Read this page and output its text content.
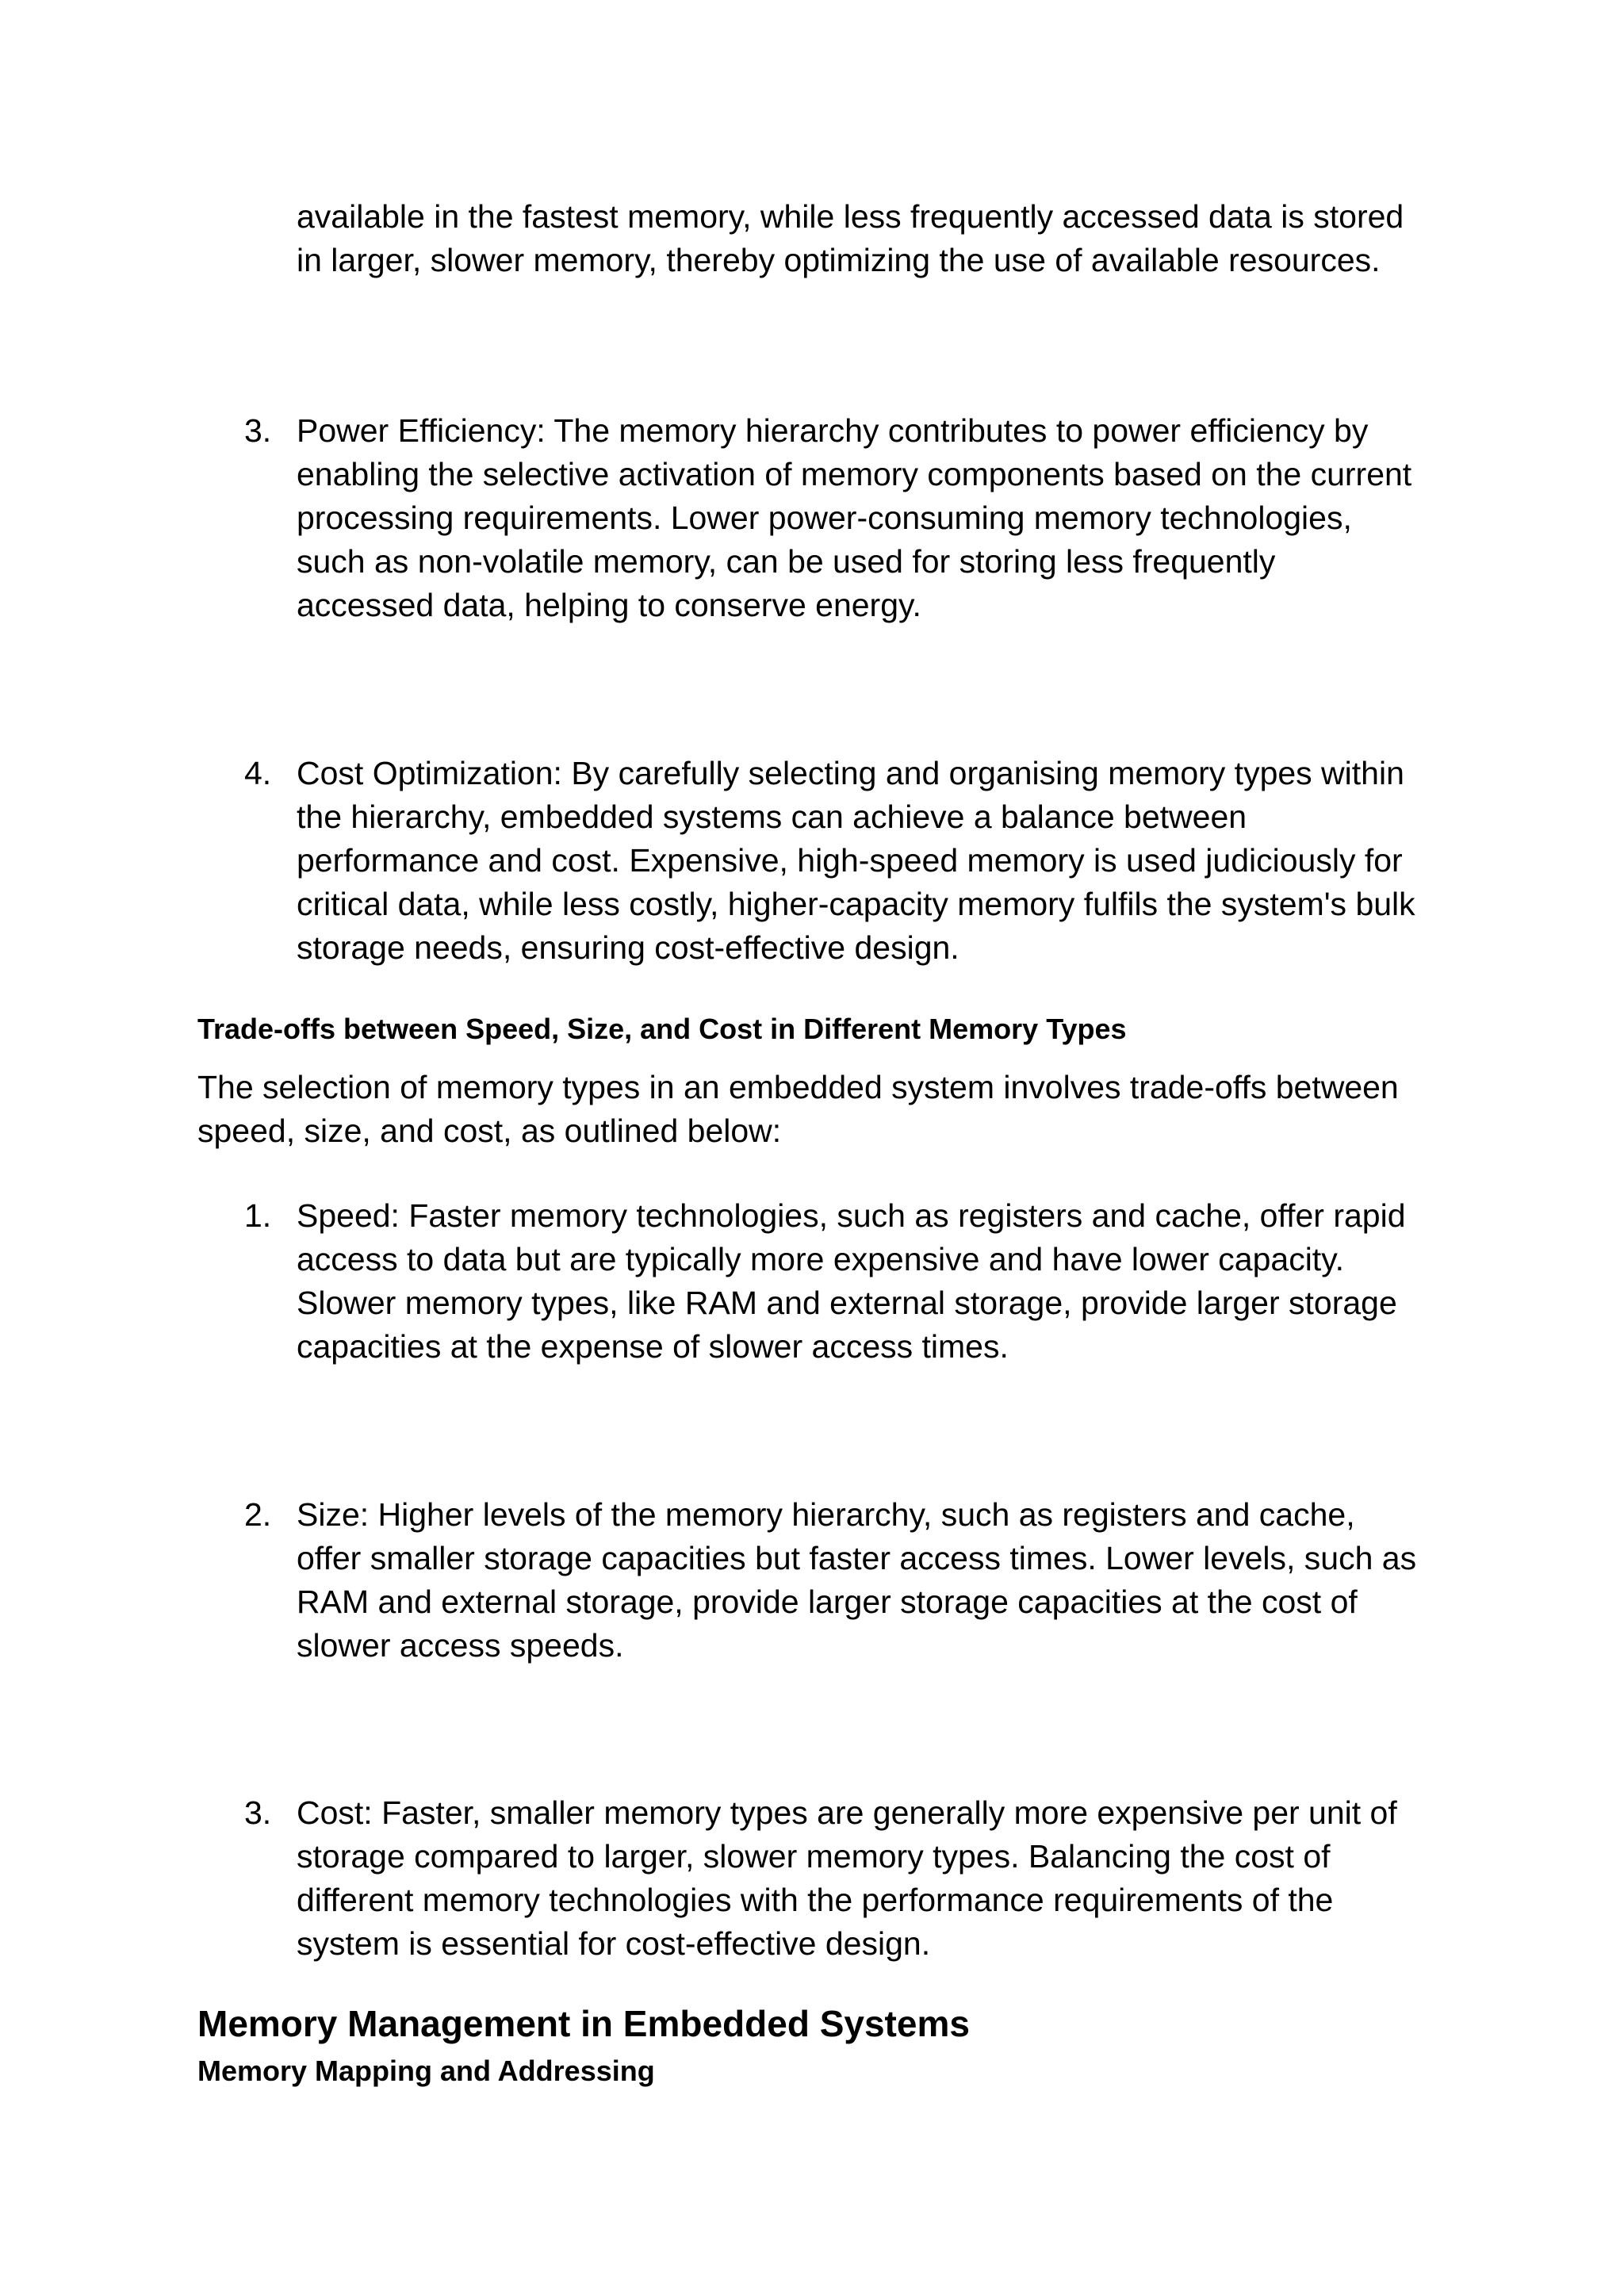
available in the fastest memory, while less frequently accessed data is stored
in larger, slower memory, thereby optimizing the use of available resources.

3. Power Efficiency: The memory hierarchy contributes to power efficiency by
enabling the selective activation of memory components based on the current
processing requirements. Lower power-consuming memory technologies,
such as non-volatile memory, can be used for storing less frequently
accessed data, helping to conserve energy.

4. Cost Optimization: By carefully selecting and organising memory types within
the hierarchy, embedded systems can achieve a balance between
performance and cost. Expensive, high-speed memory is used judiciously for
critical data, while less costly, higher-capacity memory fulfils the system's bulk
storage needs, ensuring cost-effective design.

Trade-offs between Speed, Size, and Cost in Different Memory Types

The selection of memory types in an embedded system involves trade-offs between
speed, size, and cost, as outlined below:

1. Speed: Faster memory technologies, such as registers and cache, offer rapid
access to data but are typically more expensive and have lower capacity.
Slower memory types, like RAM and external storage, provide larger storage
capacities at the expense of slower access times.

2. Size: Higher levels of the memory hierarchy, such as registers and cache,
offer smaller storage capacities but faster access times. Lower levels, such as
RAM and external storage, provide larger storage capacities at the cost of
slower access speeds.

3. Cost: Faster, smaller memory types are generally more expensive per unit of
storage compared to larger, slower memory types. Balancing the cost of
different memory technologies with the performance requirements of the
system is essential for cost-effective design.

Memory Management in Embedded Systems
Memory Mapping and Addressing
